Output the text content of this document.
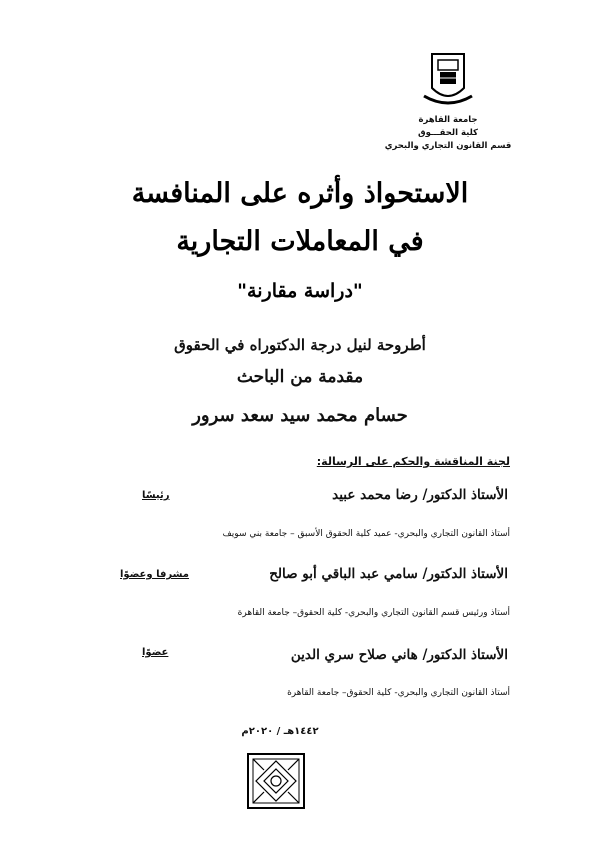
جامعة القاهرة
كلية الحقـــوق
قسم القانون التجاري والبحري
الاستحواذ وأثره على المنافسة
في المعاملات التجارية
"دراسة مقارنة"
أطروحة لنيل درجة الدكتوراه في الحقوق
مقدمة من الباحث
حسام محمد سيد سعد سرور
لجنة المناقشة والحكم على الرسالة:
الأستاذ الدكتور/ رضا محمد عبيد
رئيسًا
أستاذ القانون التجاري والبحري- عميد كلية الحقوق الأسبق – جامعة بني سويف
الأستاذ الدكتور/ سامي عبد الباقي أبو صالح
مشرفا وعضوًا
أستاذ ورئيس قسم القانون التجاري والبحري- كلية الحقوق– جامعة القاهرة
الأستاذ الدكتور/ هاني صلاح سري الدين
عضوًا
أستاذ القانون التجاري والبحري- كلية الحقوق– جامعة القاهرة
١٤٤٢هـ / ٢٠٢٠م
